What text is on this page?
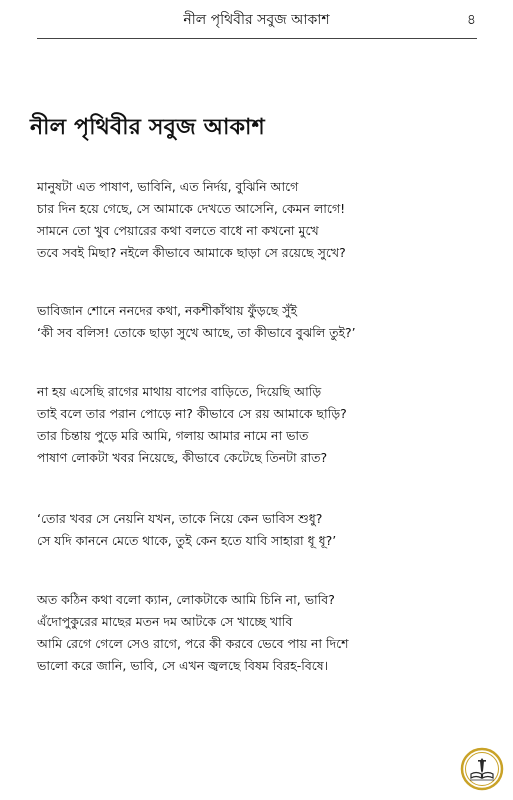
নীল পৃথিবীর সবুজ আকাশ	৪
নীল পৃথিবীর সবুজ আকাশ
মানুষটা এত পাষাণ, ভাবিনি, এত নির্দয়, বুঝিনি আগে
চার দিন হয়ে গেছে, সে আমাকে দেখতে আসেনি, কেমন লাগে!
সামনে তো খুব পেয়ারের কথা বলতে বাধে না কখনো মুখে
তবে সবই মিছা? নইলে কীভাবে আমাকে ছাড়া সে রয়েছে সুখে?
ভাবিজান শোনে ননদের কথা, নকশীকাঁথায় ফুঁড়ছে সুঁই
‘কী সব বলিস! তোকে ছাড়া সুখে আছে, তা কীভাবে বুঝলি তুই?’
না হয় এসেছি রাগের মাথায় বাপের বাড়িতে, দিয়েছি আড়ি
তাই বলে তার পরান পোড়ে না? কীভাবে সে রয় আমাকে ছাড়ি?
তার চিন্তায় পুড়ে মরি আমি, গলায় আমার নামে না ভাত
পাষাণ লোকটা খবর নিয়েছে, কীভাবে কেটেছে তিনটা রাত?
‘তোর খবর সে নেয়নি যখন, তাকে নিয়ে কেন ভাবিস শুধু?
সে যদি কাননে মেতে থাকে, তুই কেন হতে যাবি সাহারা ধূ ধূ?’
অত কঠিন কথা বলো ক্যান, লোকটাকে আমি চিনি না, ভাবি?
এঁদোপুকুরের মাছের মতন দম আটকে সে খাচ্ছে খাবি
আমি রেগে গেলে সেও রাগে, পরে কী করবে ভেবে পায় না দিশে
ভালো করে জানি, ভাবি, সে এখন জ্বলছে বিষম বিরহ-বিষে।
